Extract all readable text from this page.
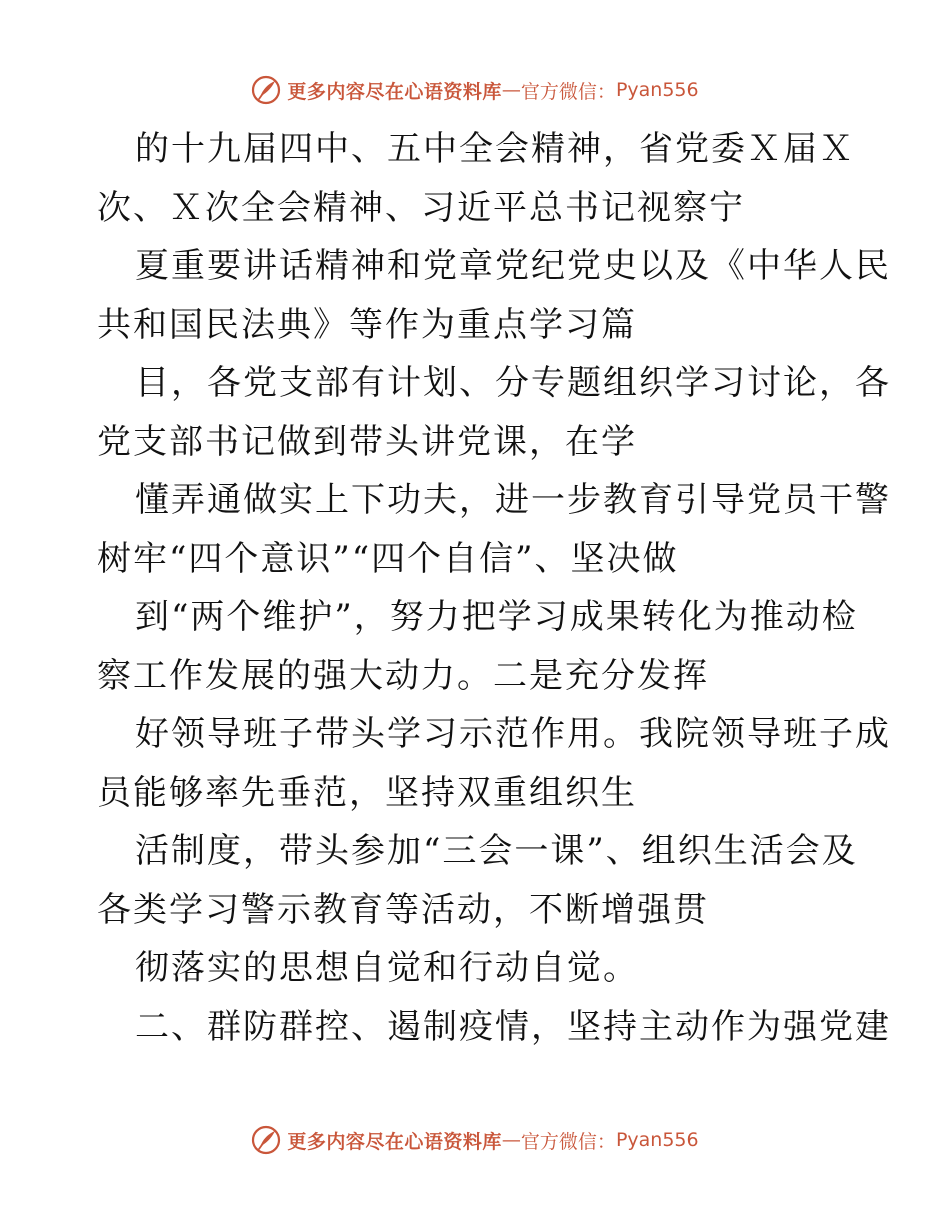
更多内容尽在心语资料库 — 官方微信： Pyan556
的十九届四中、五中全会精神，省党委Ｘ届Ｘ
次、Ｘ次全会精神、习近平总书记视察宁
夏重要讲话精神和党章党纪党史以及《中华人民
共和国民法典》等作为重点学习篇
目，各党支部有计划、分专题组织学习讨论，各
党支部书记做到带头讲党课，在学
懂弄通做实上下功夫，进一步教育引导党员干警
树牢“四个意识”“四个自信”、坚决做
到“两个维护”，努力把学习成果转化为推动检
察工作发展的强大动力。二是充分发挥
好领导班子带头学习示范作用。我院领导班子成
员能够率先垂范，坚持双重组织生
活制度，带头参加“三会一课”、组织生活会及
各类学习警示教育等活动，不断增强贯
彻落实的思想自觉和行动自觉。
二、群防群控、遏制疫情，坚持主动作为强党建
更多内容尽在心语资料库 — 官方微信： Pyan556
